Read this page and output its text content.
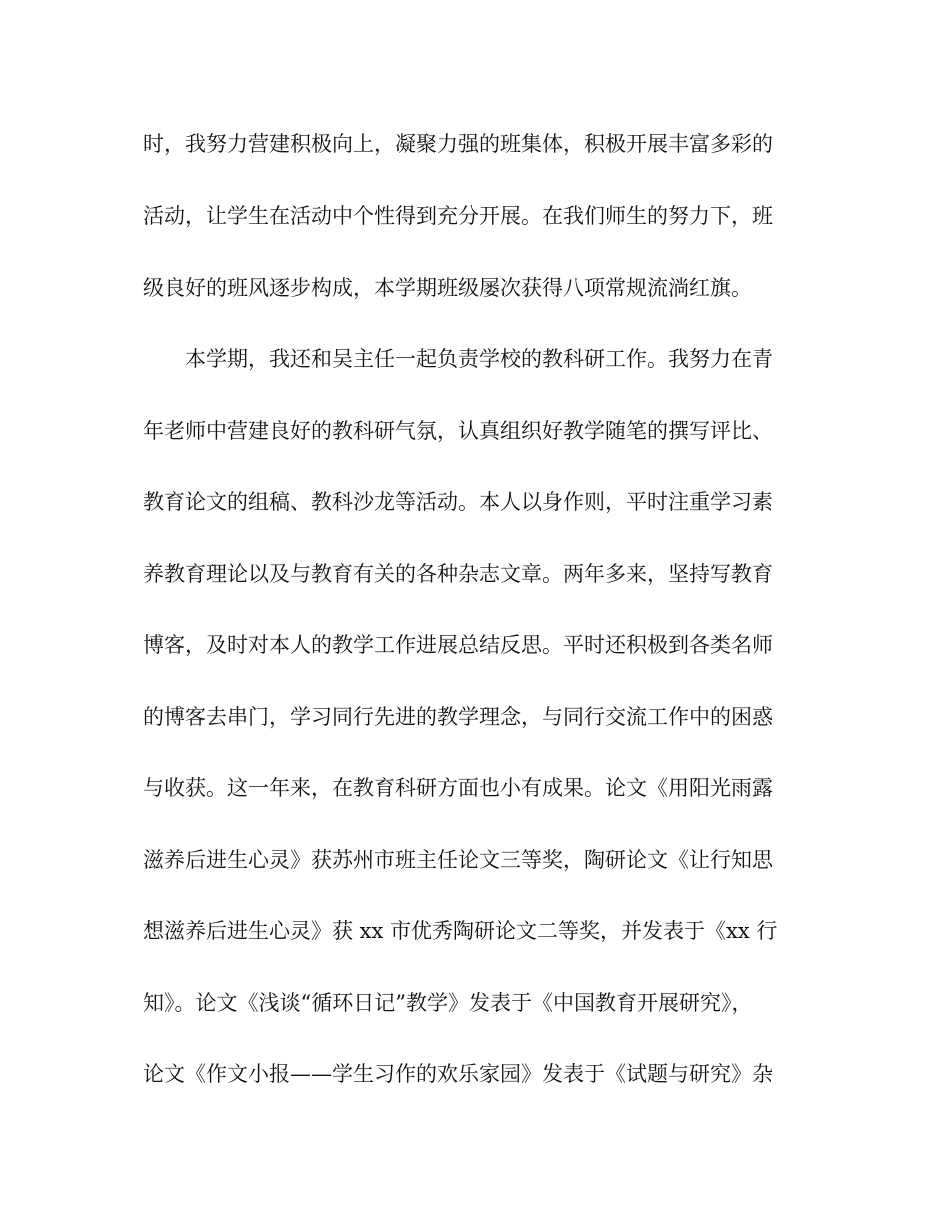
时，我努力营建积极向上，凝聚力强的班集体，积极开展丰富多彩的

活动，让学生在活动中个性得到充分开展。在我们师生的努力下，班

级良好的班风逐步构成，本学期班级屡次获得八项常规流淌红旗。

本学期，我还和吴主任一起负责学校的教科研工作。我努力在青

年老师中营建良好的教科研气氛，认真组织好教学随笔的撰写评比、

教育论文的组稿、教科沙龙等活动。本人以身作则，平时注重学习素

养教育理论以及与教育有关的各种杂志文章。两年多来，坚持写教育

博客，及时对本人的教学工作进展总结反思。平时还积极到各类名师

的博客去串门，学习同行先进的教学理念，与同行交流工作中的困惑

与收获。这一年来，在教育科研方面也小有成果。论文《用阳光雨露

滋养后进生心灵》获苏州市班主任论文三等奖，陶研论文《让行知思

想滋养后进生心灵》获 xx 市优秀陶研论文二等奖，并发表于《xx 行

知》。论文《浅谈“循环日记”教学》发表于《中国教育开展研究》，

论文《作文小报——学生习作的欢乐家园》发表于《试题与研究》杂
